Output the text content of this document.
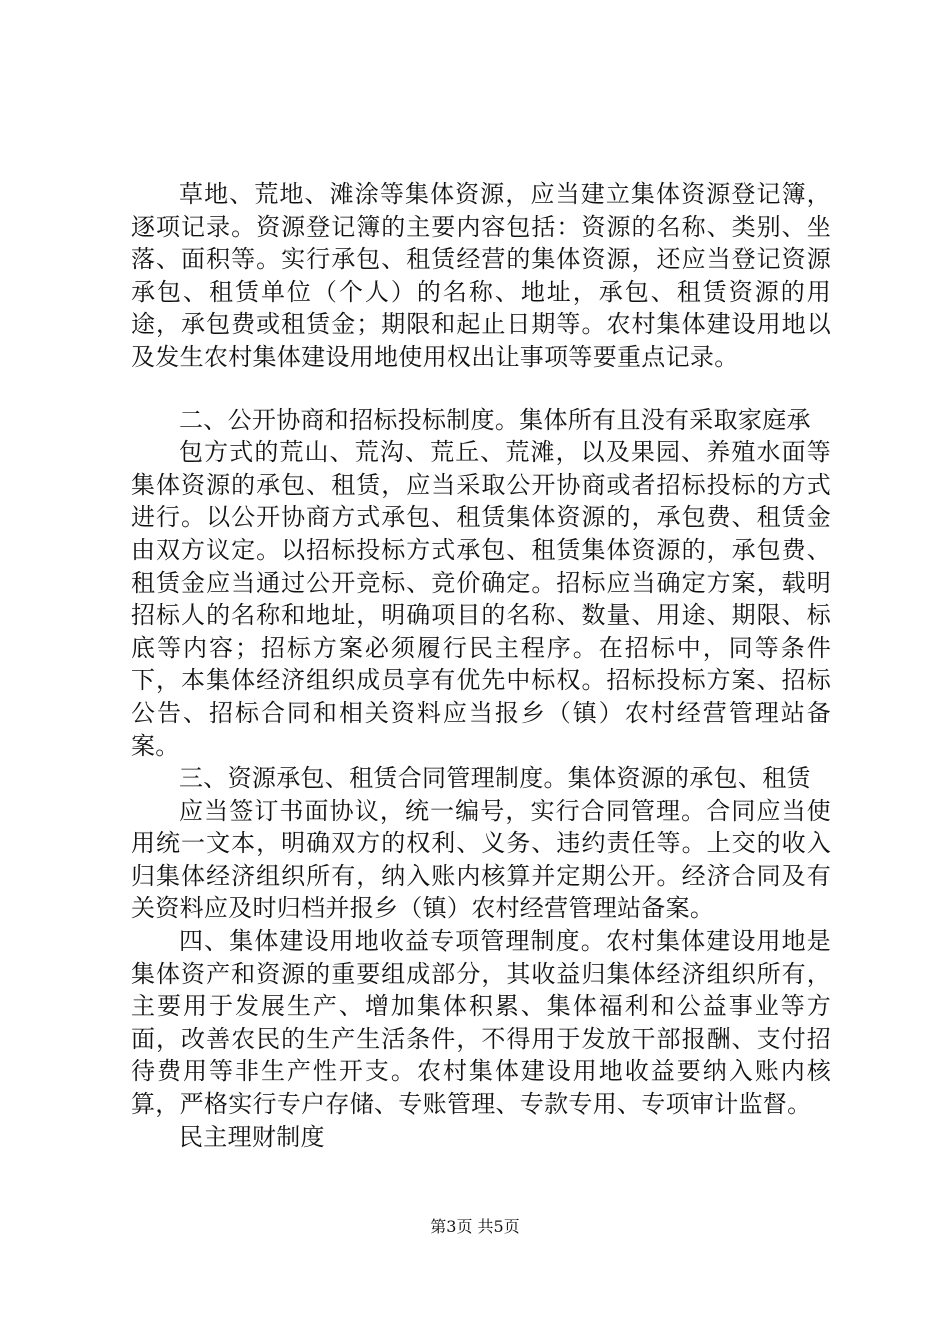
草地、荒地、滩涂等集体资源，应当建立集体资源登记簿，逐项记录。资源登记簿的主要内容包括：资源的名称、类别、坐落、面积等。实行承包、租赁经营的集体资源，还应当登记资源承包、租赁单位（个人）的名称、地址，承包、租赁资源的用途，承包费或租赁金；期限和起止日期等。农村集体建设用地以及发生农村集体建设用地使用权出让事项等要重点记录。

二、公开协商和招标投标制度。集体所有且没有采取家庭承

包方式的荒山、荒沟、荒丘、荒滩，以及果园、养殖水面等集体资源的承包、租赁，应当采取公开协商或者招标投标的方式进行。以公开协商方式承包、租赁集体资源的，承包费、租赁金由双方议定。以招标投标方式承包、租赁集体资源的，承包费、租赁金应当通过公开竞标、竞价确定。招标应当确定方案，载明招标人的名称和地址，明确项目的名称、数量、用途、期限、标底等内容；招标方案必须履行民主程序。在招标中，同等条件下，本集体经济组织成员享有优先中标权。招标投标方案、招标公告、招标合同和相关资料应当报乡（镇）农村经营管理站备案。

三、资源承包、租赁合同管理制度。集体资源的承包、租赁

应当签订书面协议，统一编号，实行合同管理。合同应当使用统一文本，明确双方的权利、义务、违约责任等。上交的收入归集体经济组织所有，纳入账内核算并定期公开。经济合同及有关资料应及时归档并报乡（镇）农村经营管理站备案。

四、集体建设用地收益专项管理制度。农村集体建设用地是集体资产和资源的重要组成部分，其收益归集体经济组织所有，主要用于发展生产、增加集体积累、集体福利和公益事业等方面，改善农民的生产生活条件，不得用于发放干部报酬、支付招待费用等非生产性开支。农村集体建设用地收益要纳入账内核算，严格实行专户存储、专账管理、专款专用、专项审计监督。

民主理财制度

第3页 共5页
